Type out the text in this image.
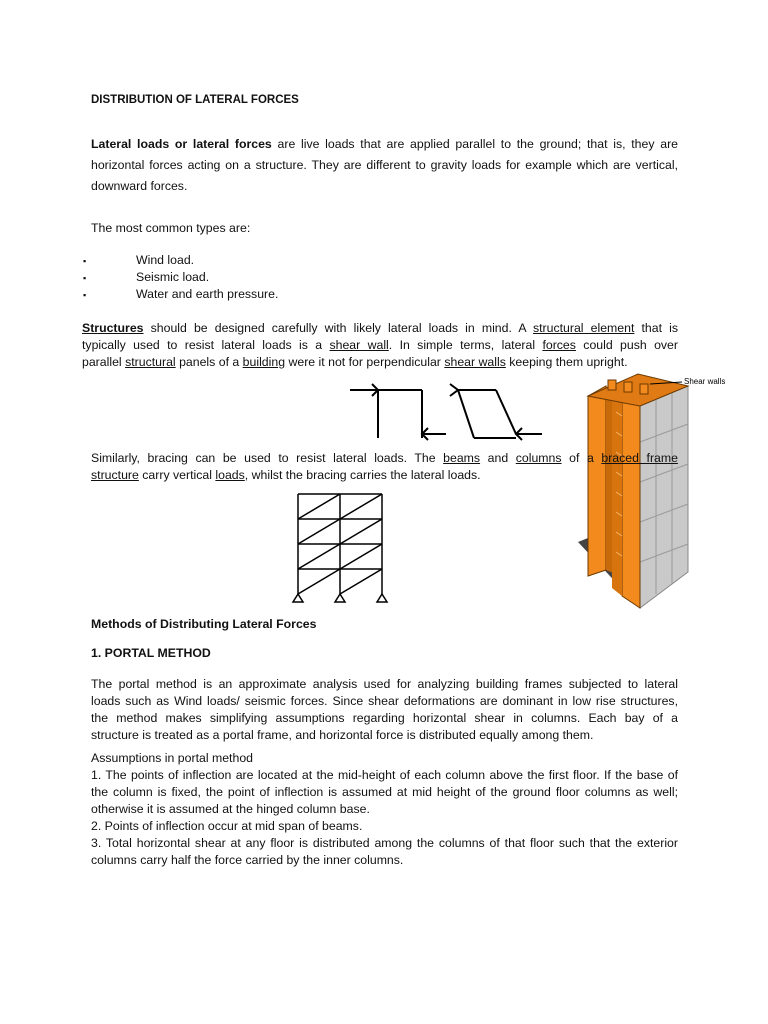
DISTRIBUTION OF LATERAL FORCES
Lateral loads or lateral forces are live loads that are applied parallel to the ground; that is, they are
horizontal forces acting on a structure. They are different to gravity loads for example which are vertical,
downward forces.
The most common types are:
▪	Wind load.
▪	Seismic load.
▪	Water and earth pressure.
Structures should be designed carefully with likely lateral loads in mind. A structural element that is
typically used to resist lateral loads is a shear wall. In simple terms, lateral forces could push over
parallel structural panels of a building were it not for perpendicular shear walls keeping them upright.
Shear walls
Similarly, bracing can be used to resist lateral loads. The beams and columns of a braced frame
structure carry vertical loads, whilst the bracing carries the lateral loads.
Methods of Distributing Lateral Forces
1. PORTAL METHOD
The portal method is an approximate analysis used for analyzing building frames subjected to lateral
loads such as Wind loads/ seismic forces. Since shear deformations are dominant in low rise structures,
the method makes simplifying assumptions regarding horizontal shear in columns. Each bay of a
structure is treated as a portal frame, and horizontal force is distributed equally among them.
Assumptions in portal method
1. The points of inflection are located at the mid-height of each column above the first floor. If the base of
the column is fixed, the point of inflection is assumed at mid height of the ground floor columns as well;
otherwise it is assumed at the hinged column base.
2. Points of inflection occur at mid span of beams.
3. Total horizontal shear at any floor is distributed among the columns of that floor such that the exterior
columns carry half the force carried by the inner columns.
